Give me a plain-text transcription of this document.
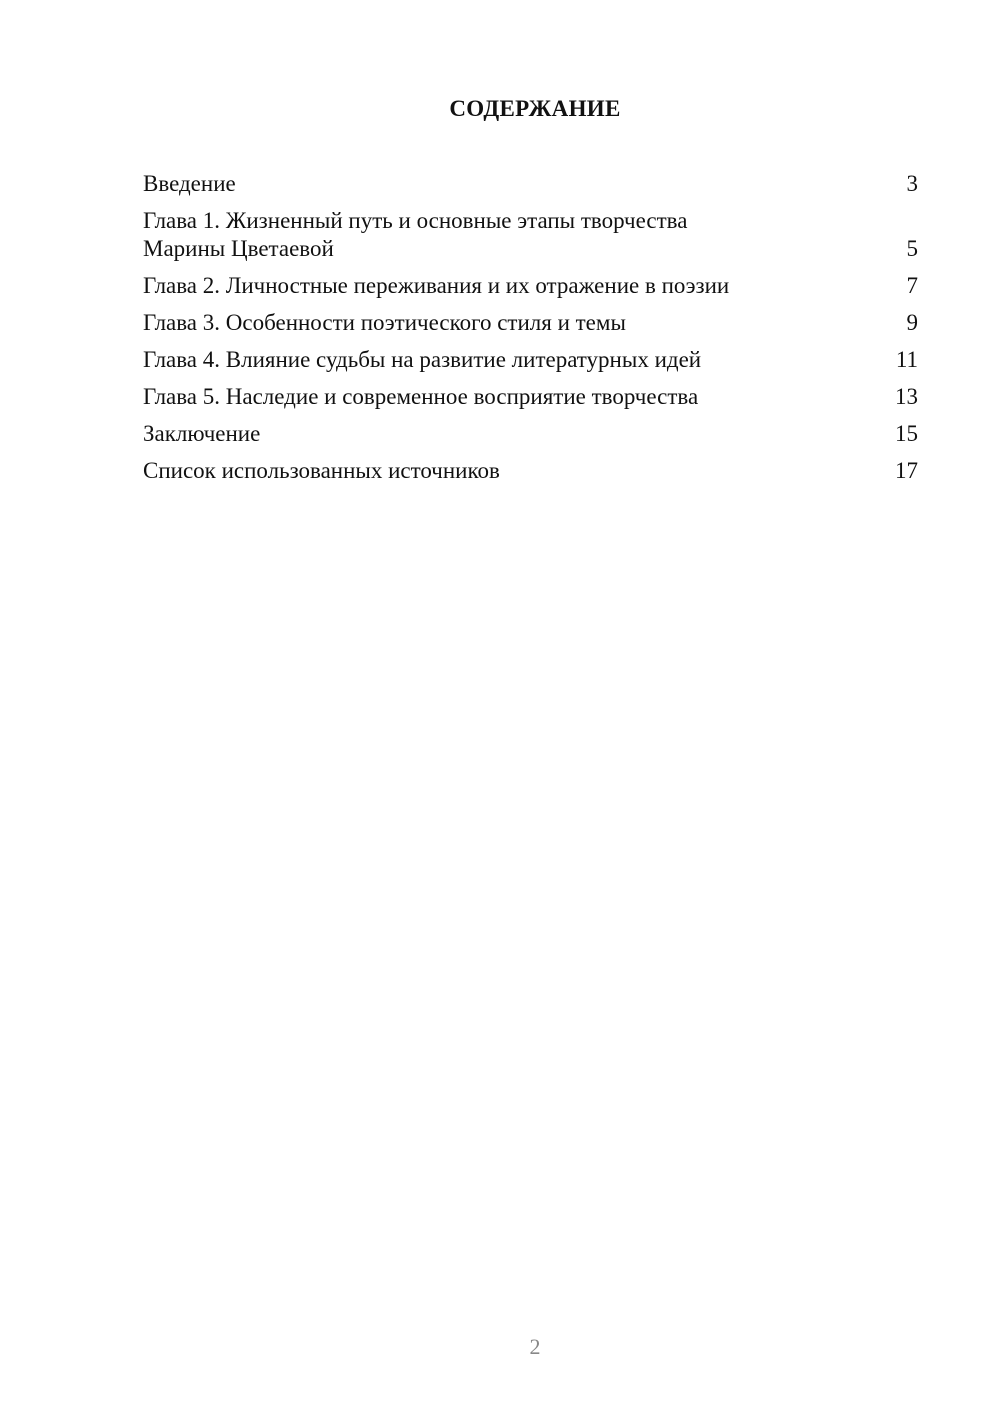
СОДЕРЖАНИЕ
Введение	3
Глава 1. Жизненный путь и основные этапы творчества
Марины Цветаевой	5
Глава 2. Личностные переживания и их отражение в поэзии	7
Глава 3. Особенности поэтического стиля и темы	9
Глава 4. Влияние судьбы на развитие литературных идей	11
Глава 5. Наследие и современное восприятие творчества	13
Заключение	15
Список использованных источников	17
2
